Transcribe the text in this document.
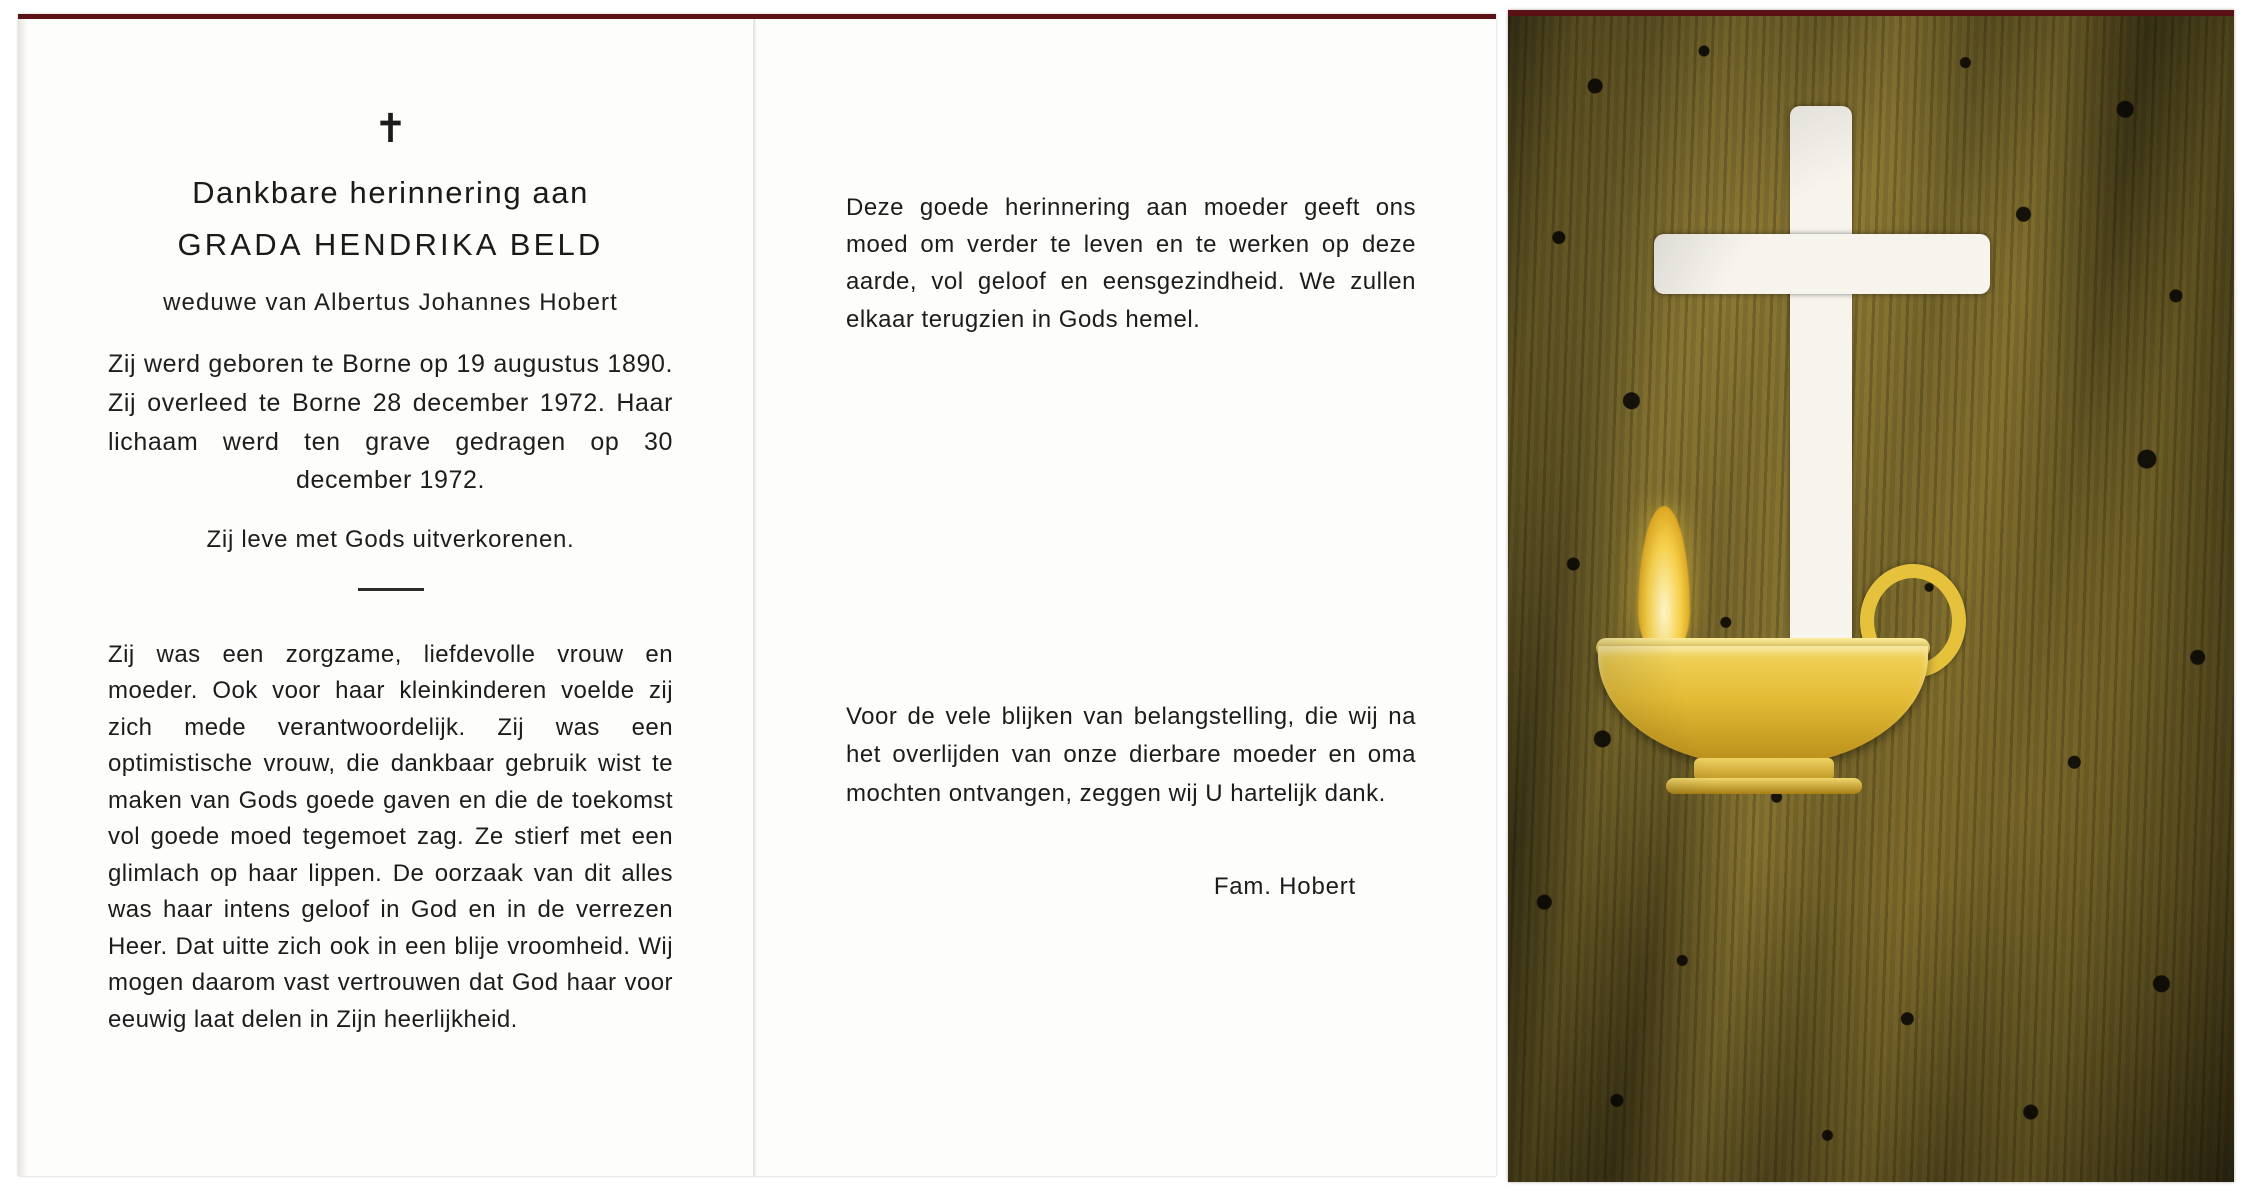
✝
Dankbare herinnering aan
GRADA HENDRIKA BELD
weduwe van Albertus Johannes Hobert
Zij werd geboren te Borne op 19 augustus 1890. Zij overleed te Borne 28 december 1972. Haar lichaam werd ten grave gedragen op 30 december 1972.
Zij leve met Gods uitverkorenen.
Zij was een zorgzame, liefdevolle vrouw en moeder. Ook voor haar kleinkinderen voelde zij zich mede verantwoordelijk. Zij was een optimistische vrouw, die dankbaar gebruik wist te maken van Gods goede gaven en die de toekomst vol goede moed tegemoet zag. Ze stierf met een glimlach op haar lippen. De oorzaak van dit alles was haar intens geloof in God en in de verrezen Heer. Dat uitte zich ook in een blije vroomheid. Wij mogen daarom vast vertrouwen dat God haar voor eeuwig laat delen in Zijn heerlijkheid.
Deze goede herinnering aan moeder geeft ons moed om verder te leven en te werken op deze aarde, vol geloof en eensgezindheid. We zullen elkaar terugzien in Gods hemel.
Voor de vele blijken van belangstelling, die wij na het overlijden van onze dierbare moeder en oma mochten ontvangen, zeggen wij U hartelijk dank.
Fam. Hobert
